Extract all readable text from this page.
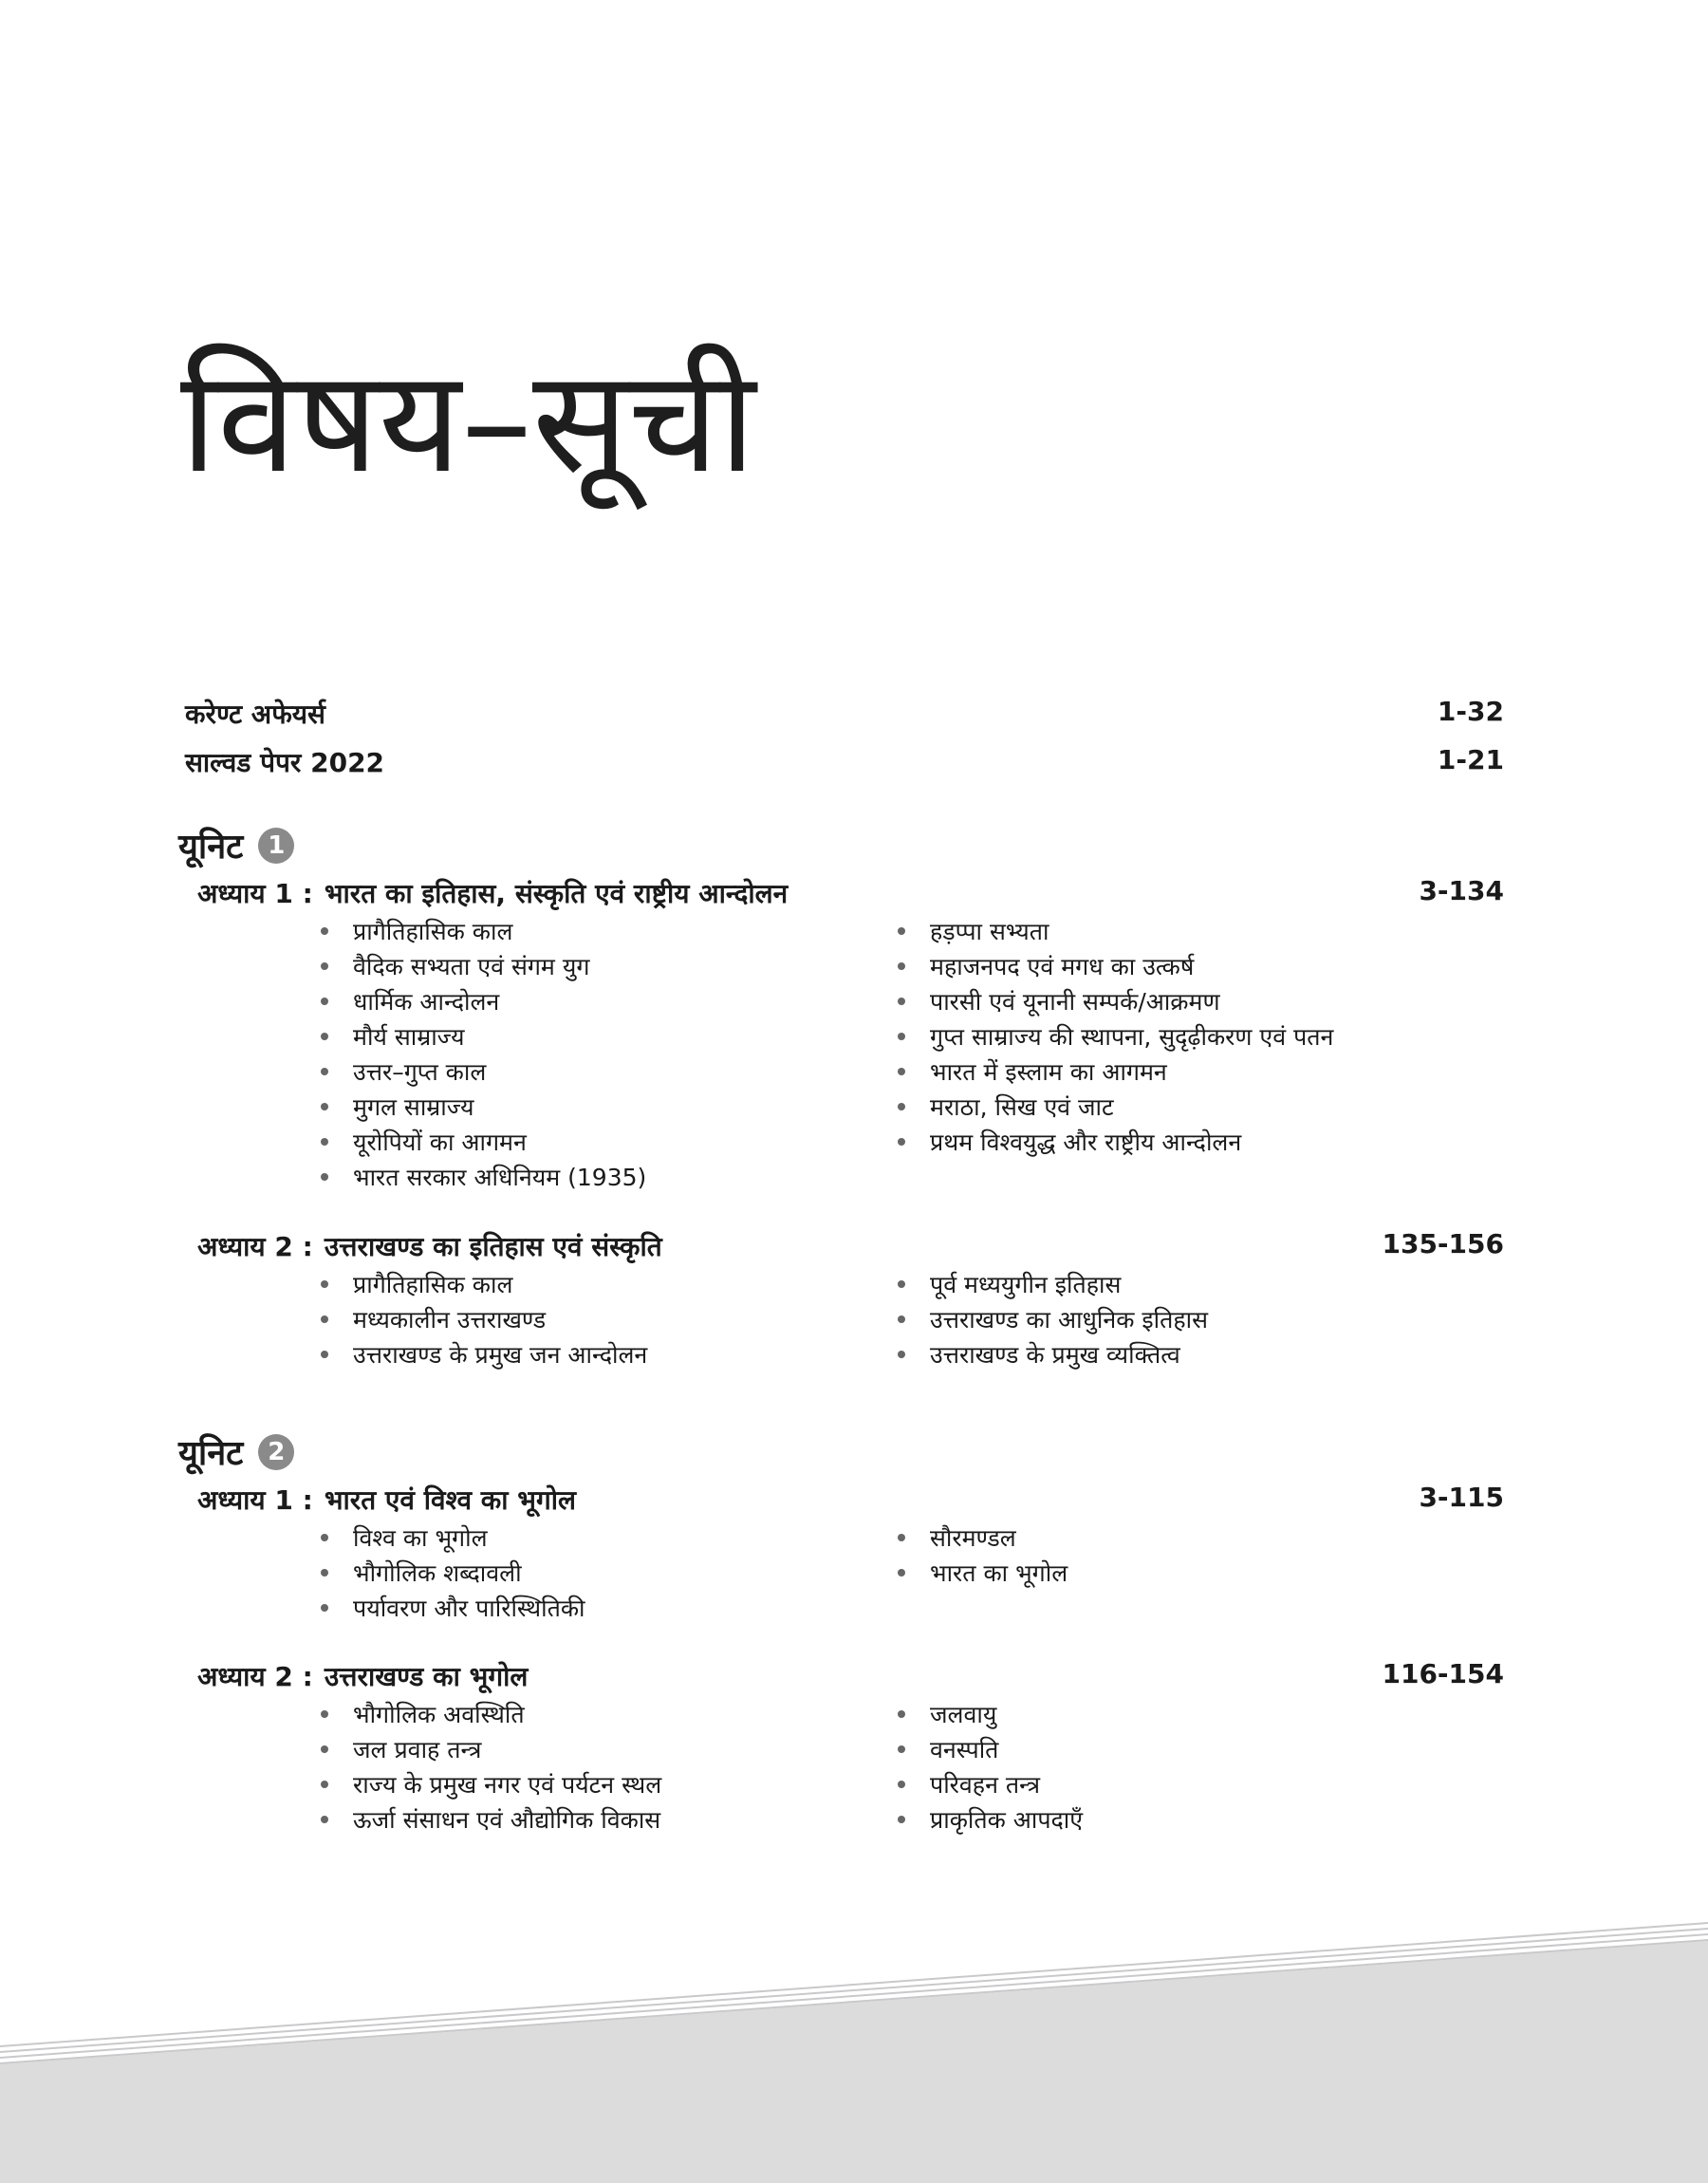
विषय–सूची
करेण्ट अफेयर्स	1-32
साल्वड पेपर 2022	1-21
यूनिट 1
अध्याय 1 : भारत का इतिहास, संस्कृति एवं राष्ट्रीय आन्दोलन	3-134
प्रागैतिहासिक काल	हड़प्पा सभ्यता
वैदिक सभ्यता एवं संगम युग	महाजनपद एवं मगध का उत्कर्ष
धार्मिक आन्दोलन	पारसी एवं यूनानी सम्पर्क/आक्रमण
मौर्य साम्राज्य	गुप्त साम्राज्य की स्थापना, सुदृढ़ीकरण एवं पतन
उत्तर–गुप्त काल	भारत में इस्लाम का आगमन
मुगल साम्राज्य	मराठा, सिख एवं जाट
यूरोपियों का आगमन	प्रथम विश्वयुद्ध और राष्ट्रीय आन्दोलन
भारत सरकार अधिनियम (1935)
अध्याय 2 : उत्तराखण्ड का इतिहास एवं संस्कृति	135-156
प्रागैतिहासिक काल	पूर्व मध्ययुगीन इतिहास
मध्यकालीन उत्तराखण्ड	उत्तराखण्ड का आधुनिक इतिहास
उत्तराखण्ड के प्रमुख जन आन्दोलन	उत्तराखण्ड के प्रमुख व्यक्तित्व
यूनिट 2
अध्याय 1 : भारत एवं विश्व का भूगोल	3-115
विश्व का भूगोल	सौरमण्डल
भौगोलिक शब्दावली	भारत का भूगोल
पर्यावरण और पारिस्थितिकी
अध्याय 2 : उत्तराखण्ड का भूगोल	116-154
भौगोलिक अवस्थिति	जलवायु
जल प्रवाह तन्त्र	वनस्पति
राज्य के प्रमुख नगर एवं पर्यटन स्थल	परिवहन तन्त्र
ऊर्जा संसाधन एवं औद्योगिक विकास	प्राकृतिक आपदाएँ
